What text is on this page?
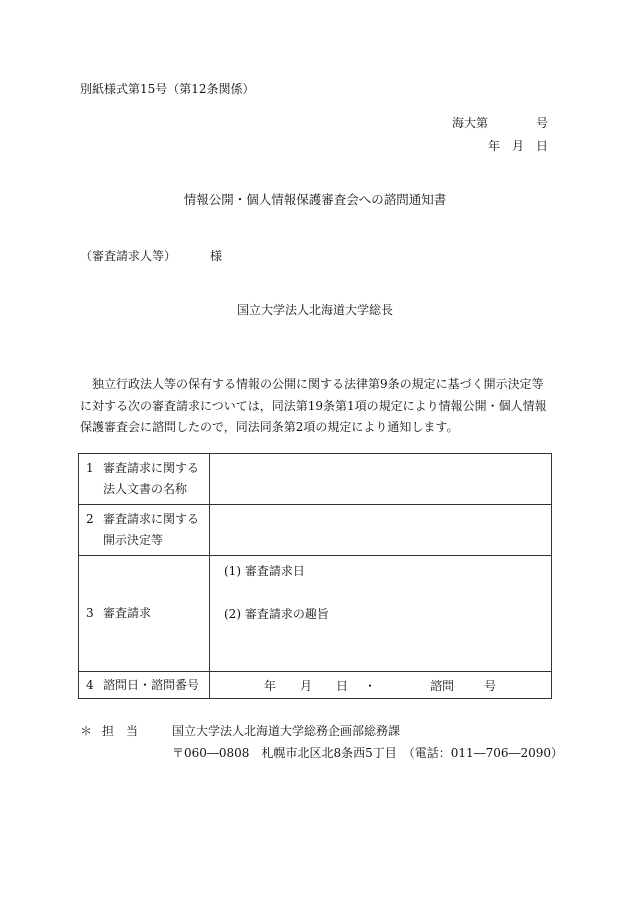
別紙様式第15号（第12条関係）
海大第　　　　号
年　月　日
情報公開・個人情報保護審査会への諮問通知書
（審査請求人等）	様
国立大学法人北海道大学総長
独立行政法人等の保有する情報の公開に関する法律第9条の規定に基づく開示決定等に対する次の審査請求については，同法第19条第1項の規定により情報公開・個人情報保護審査会に諮問したので，同法同条第2項の規定により通知します。
1 審査請求に関する
法人文書の名称	

2 審査請求に関する
開示決定等	

3 審査請求	(1) 審査請求日
(2) 審査請求の趣旨

4 諮問日・諮問番号	年 月 日 ・ 諮問 号
＊ 担　当	国立大学法人北海道大学総務企画部総務課
〒060―0808　札幌市北区北8条西5丁目　（電話：011―706―2090）
